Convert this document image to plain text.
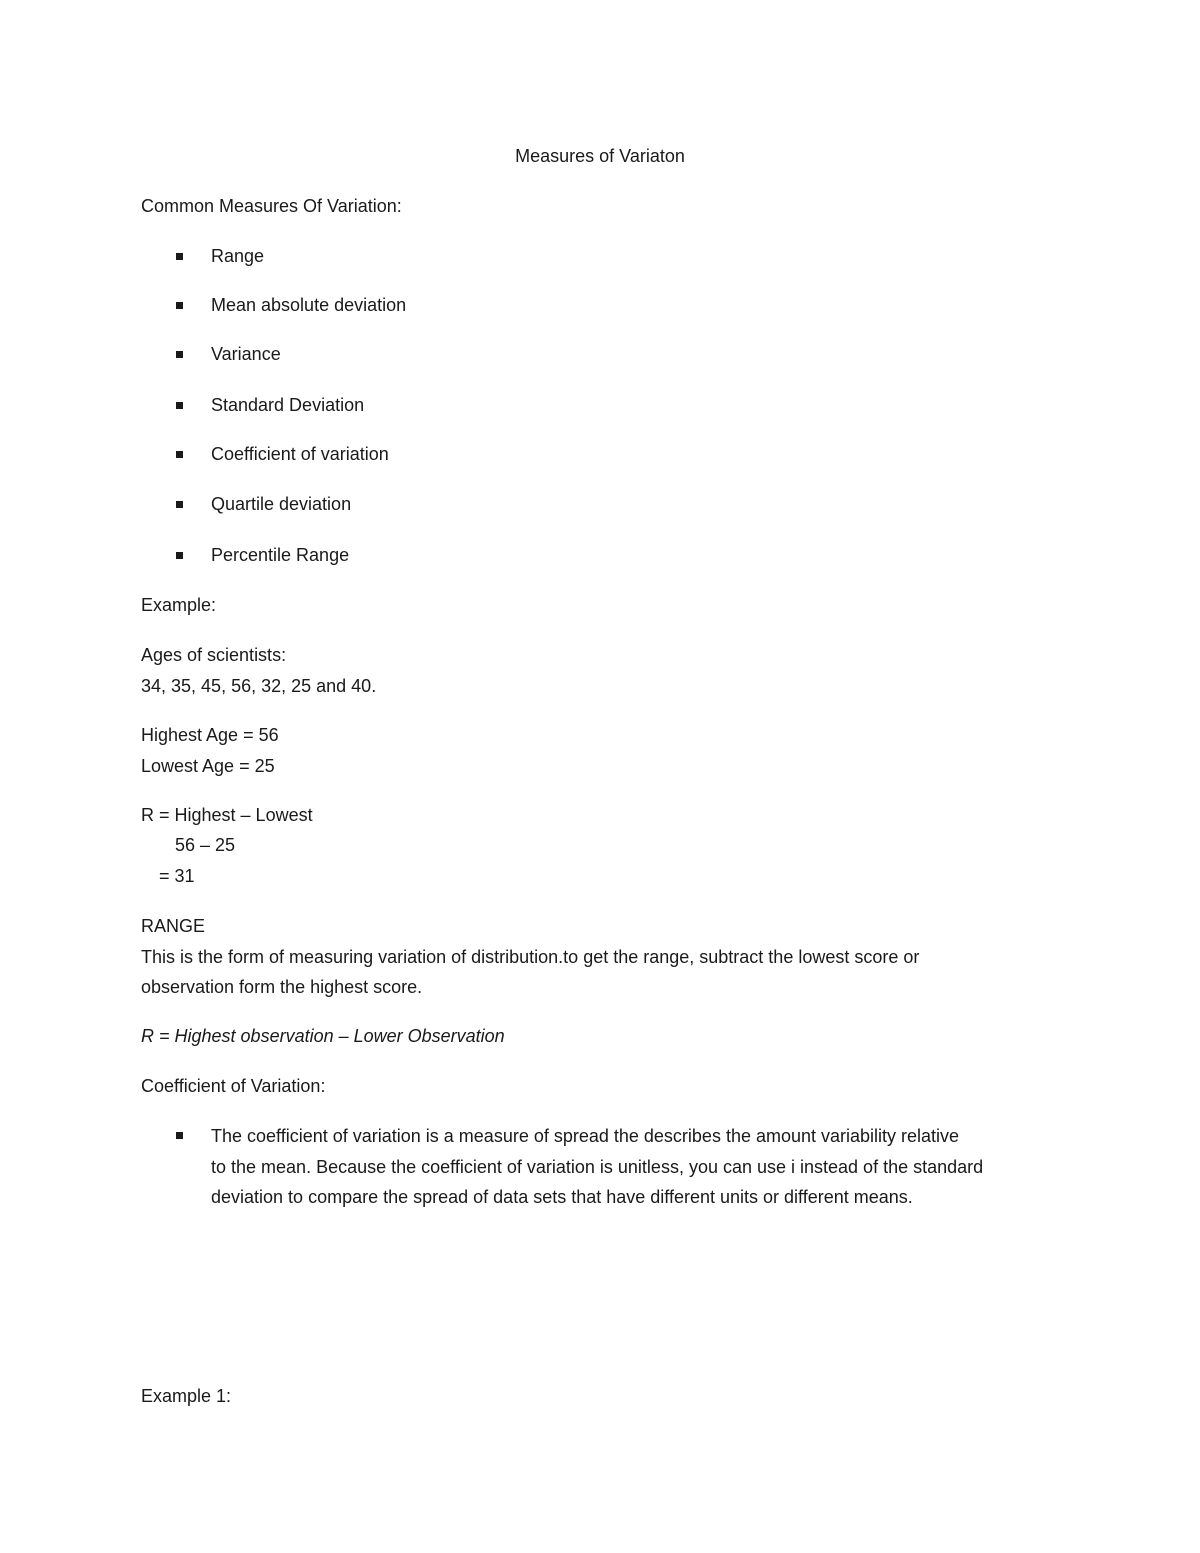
Measures of Variaton
Common Measures Of Variation:
Range
Mean absolute deviation
Variance
Standard Deviation
Coefficient of variation
Quartile deviation
Percentile Range
Example:
Ages of scientists:
34, 35, 45, 56, 32, 25 and 40.
Highest Age = 56
Lowest Age = 25
R = Highest – Lowest
56 – 25
= 31
RANGE
This is the form of measuring variation of distribution.to get the range, subtract the lowest score or
observation form the highest score.
R = Highest observation – Lower Observation
Coefficient of Variation:
The coefficient of variation is a measure of spread the describes the amount variability relative
to the mean. Because the coefficient of variation is unitless, you can use i instead of the standard
deviation to compare the spread of data sets that have different units or different means.
Example 1:
